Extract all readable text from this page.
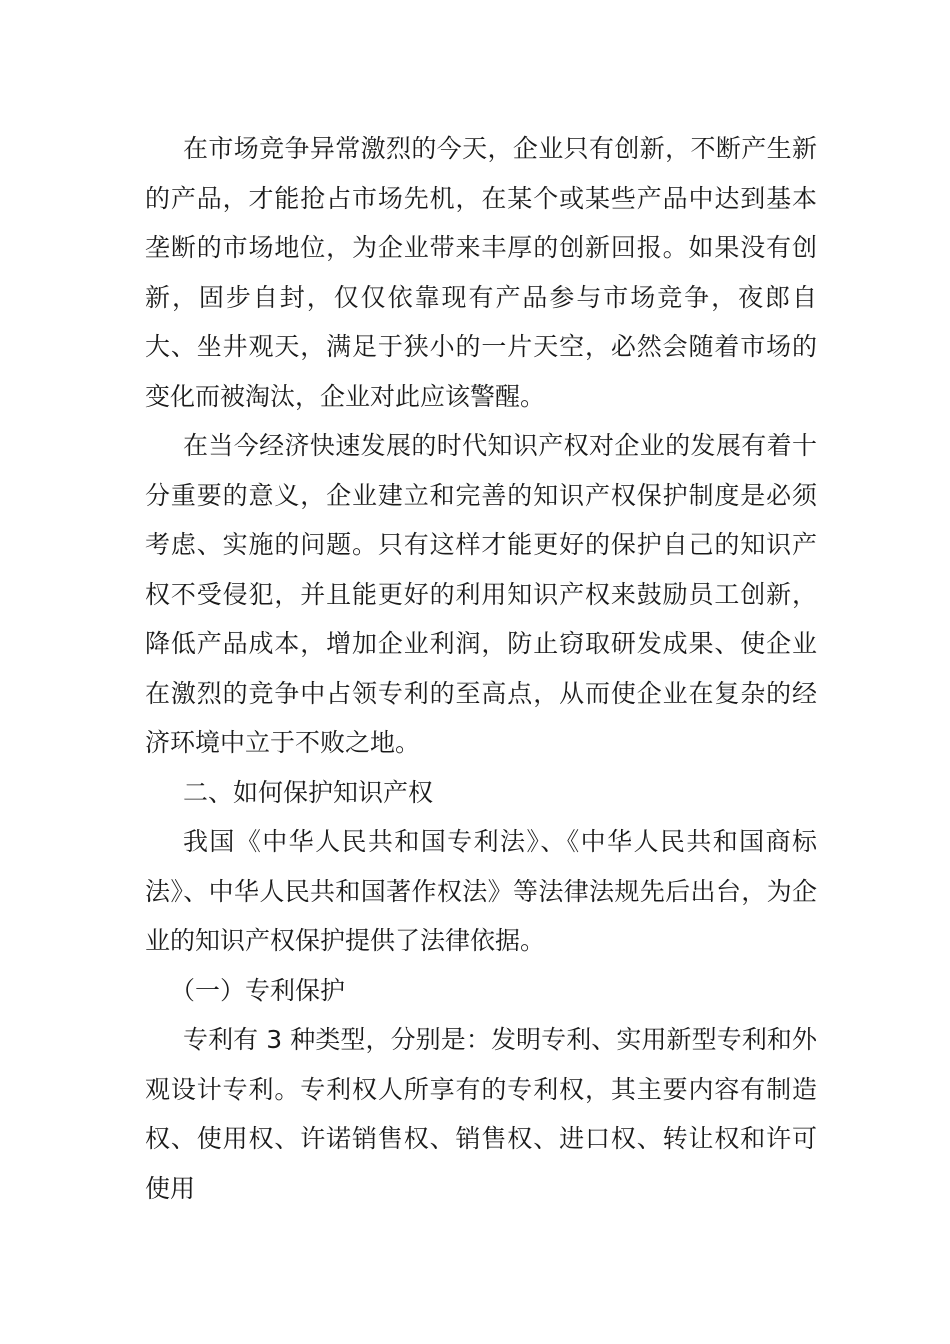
在市场竞争异常激烈的今天，企业只有创新，不断产生新的产品，才能抢占市场先机，在某个或某些产品中达到基本垄断的市场地位，为企业带来丰厚的创新回报。如果没有创新，固步自封，仅仅依靠现有产品参与市场竞争，夜郎自大、坐井观天，满足于狭小的一片天空，必然会随着市场的变化而被淘汰，企业对此应该警醒。

在当今经济快速发展的时代知识产权对企业的发展有着十分重要的意义，企业建立和完善的知识产权保护制度是必须考虑、实施的问题。只有这样才能更好的保护自己的知识产权不受侵犯，并且能更好的利用知识产权来鼓励员工创新，降低产品成本，增加企业利润，防止窃取研发成果、使企业在激烈的竞争中占领专利的至高点，从而使企业在复杂的经济环境中立于不败之地。

二、如何保护知识产权

我国《中华人民共和国专利法》、《中华人民共和国商标法》、中华人民共和国著作权法》等法律法规先后出台，为企业的知识产权保护提供了法律依据。

（一）专利保护

专利有 3 种类型，分别是：发明专利、实用新型专利和外观设计专利。专利权人所享有的专利权，其主要内容有制造权、使用权、许诺销售权、销售权、进口权、转让权和许可使用
